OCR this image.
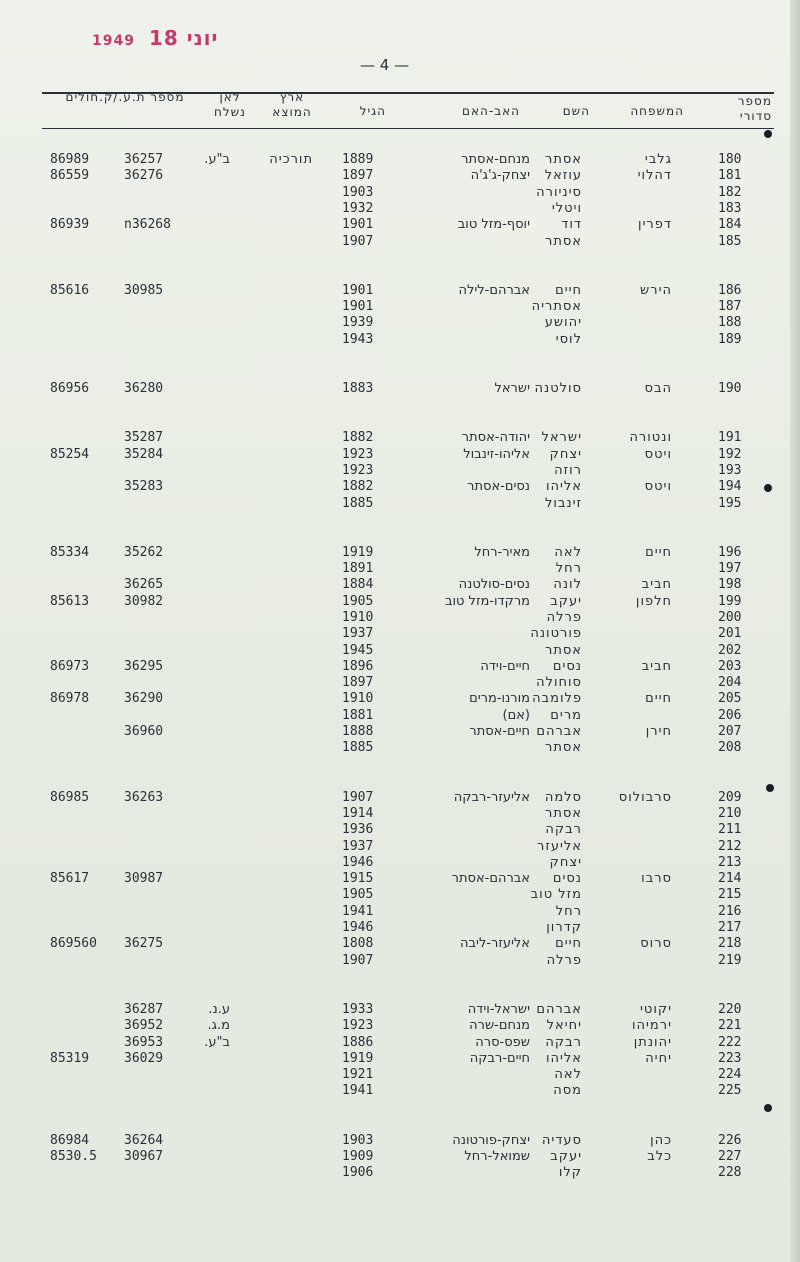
1949 18 יוני
— 4 —
מספר סדורי
המשפחה
השם
האב-האם
הגיל
ארץ המוצא
לאן נשלח
מספר ת.ע./ק.חולים
180
גלבי
אסתר
מנחם-אסתר
1889
תורכיה
ב"ע.
36257
86989
181
דהלוי
עוזאל
יצחק-ג'ג'ה
1897
36276
86559
182
סיניורה
1903
183
ויטלי
1932
184
דפרין
דוד
יוסף-מזל טוב
1901
n36268
86939
185
אסתר
1907
186
הירש
חיים
אברהם-לילה
1901
30985
85616
187
אסתריה
1901
188
יהושע
1939
189
לוסי
1943
190
הבס
סולטנה
ישראל
1883
36280
86956
191
ונטורה
ישראל
יהודה-אסתר
1882
35287
192
ויטס
יצחק
אליהו-זינבול
1923
35284
85254
193
רוזה
1923
194
ויטס
אליהו
נסים-אסתר
1882
35283
195
זינבול
1885
196
חיים
לאה
מאיר-רחל
1919
35262
85334
197
רחל
1891
198
חביב
לונה
נסים-סולטנה
1884
36265
199
חלפון
יעקב
מרקדו-מזל טוב
1905
30982
85613
200
פרלה
1910
201
פורטונה
1937
202
אסתר
1945
203
חביב
נסים
חיים-וידה
1896
36295
86973
204
סוחולה
1897
205
חיים
פלומבה
מורנו-מרים
1910
36290
86978
206
מרים
(אם)
1881
207
חירן
אברהם
חיים-אסתר
1888
36960
208
אסתר
1885
209
סרבולוס
סלמה
אליעזר-רבקה
1907
36263
86985
210
אסתר
1914
211
רבקה
1936
212
אליעזר
1937
213
יצחק
1946
214
סרבו
נסים
אברהם-אסתר
1915
30987
85617
215
מזל טוב
1905
216
רחל
1941
217
קדרון
1946
218
סרוס
חיים
אליעזר-ליבה
1808
36275
869560
219
פרלה
1907
220
יקוטי
אברהם
ישראל-וידה
1933
ע.נ.
36287
221
ירמיהו
יחיאל
מנחם-שרה
1923
מ.ג.
36952
222
יהונתן
רבקה
שפס-סרה
1886
ב"ע.
36953
223
יחיה
אליהו
חיים-רבקה
1919
36029
85319
224
לאה
1921
225
מסה
1941
226
כהן
סעדיה
יצחק-פורטונה
1903
36264
86984
227
כלב
יעקב
שמואל-רחל
1909
30967
8530.5
228
קלו
1906
